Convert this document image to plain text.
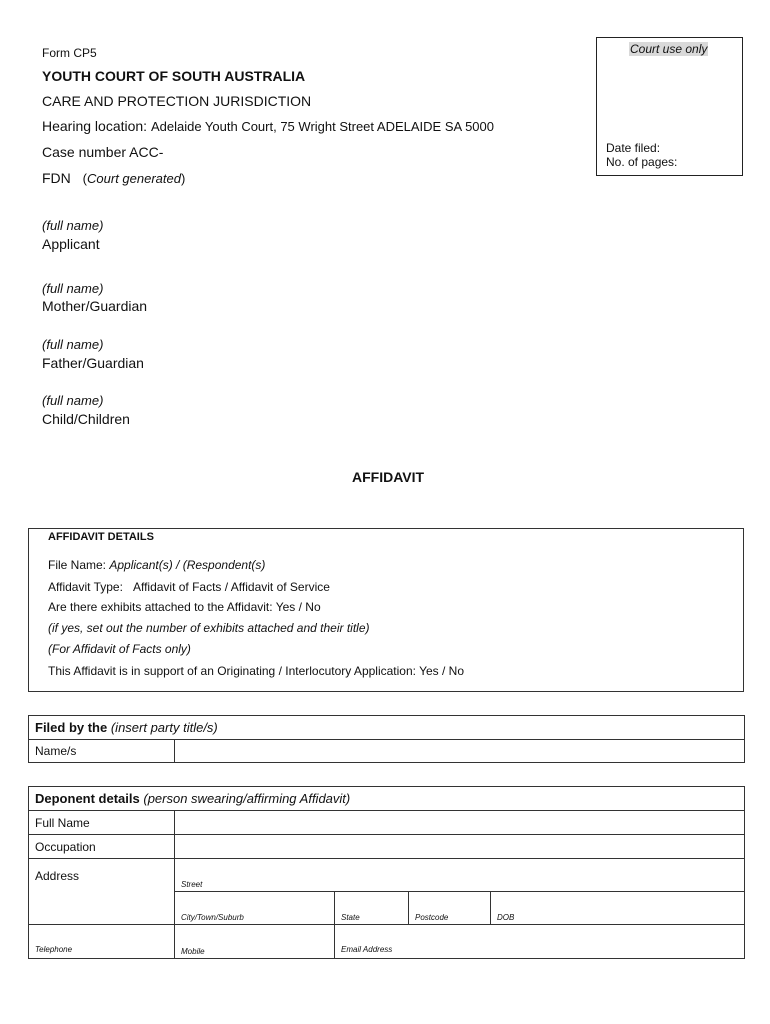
Form CP5
YOUTH COURT OF SOUTH AUSTRALIA
CARE AND PROTECTION JURISDICTION
Hearing location: Adelaide Youth Court, 75 Wright Street ADELAIDE SA 5000
Case number ACC-
FDN (Court generated)
Court use only
Date filed:
No. of pages:
(full name)
Applicant
(full name)
Mother/Guardian
(full name)
Father/Guardian
(full name)
Child/Children
AFFIDAVIT
AFFIDAVIT DETAILS
File Name: Applicant(s) / (Respondent(s)
Affidavit Type: Affidavit of Facts / Affidavit of Service
Are there exhibits attached to the Affidavit: Yes / No
(if yes, set out the number of exhibits attached and their title)
(For Affidavit of Facts only)
This Affidavit is in support of an Originating / Interlocutory Application: Yes / No
Filed by the (insert party title/s)
Name/s	
Deponent details (person swearing/affirming Affidavit)				
Full Name				
Occupation				
Address	Street			
	City/Town/Suburb	State	Postcode	DOB
Telephone	Mobile	Email Address		
